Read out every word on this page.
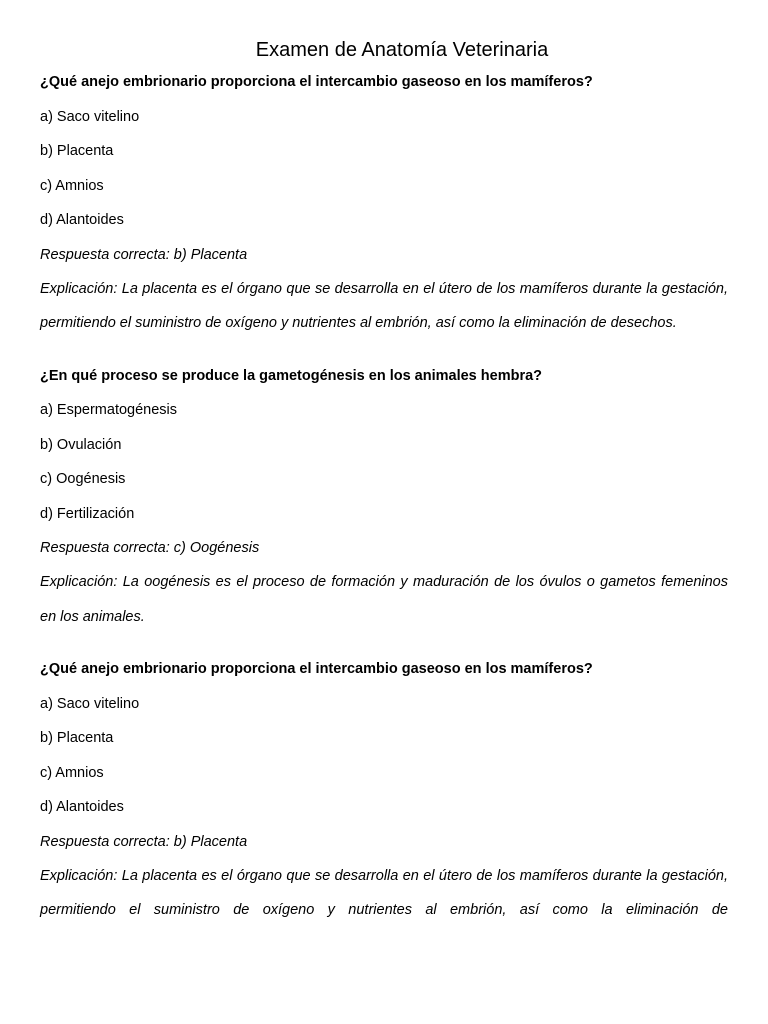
Examen de Anatomía Veterinaria

¿Qué anejo embrionario proporciona el intercambio gaseoso en los mamíferos?

a) Saco vitelino

b) Placenta

c) Amnios

d) Alantoides

Respuesta correcta: b) Placenta

Explicación: La placenta es el órgano que se desarrolla en el útero de los mamíferos durante la gestación, permitiendo el suministro de oxígeno y nutrientes al embrión, así como la eliminación de desechos.

¿En qué proceso se produce la gametogénesis en los animales hembra?

a) Espermatogénesis

b) Ovulación

c) Oogénesis

d) Fertilización

Respuesta correcta: c) Oogénesis

Explicación: La oogénesis es el proceso de formación y maduración de los óvulos o gametos femeninos en los animales.

¿Qué anejo embrionario proporciona el intercambio gaseoso en los mamíferos?

a) Saco vitelino

b) Placenta

c) Amnios

d) Alantoides

Respuesta correcta: b) Placenta

Explicación: La placenta es el órgano que se desarrolla en el útero de los mamíferos durante la gestación, permitiendo el suministro de oxígeno y nutrientes al embrión, así como la eliminación de
